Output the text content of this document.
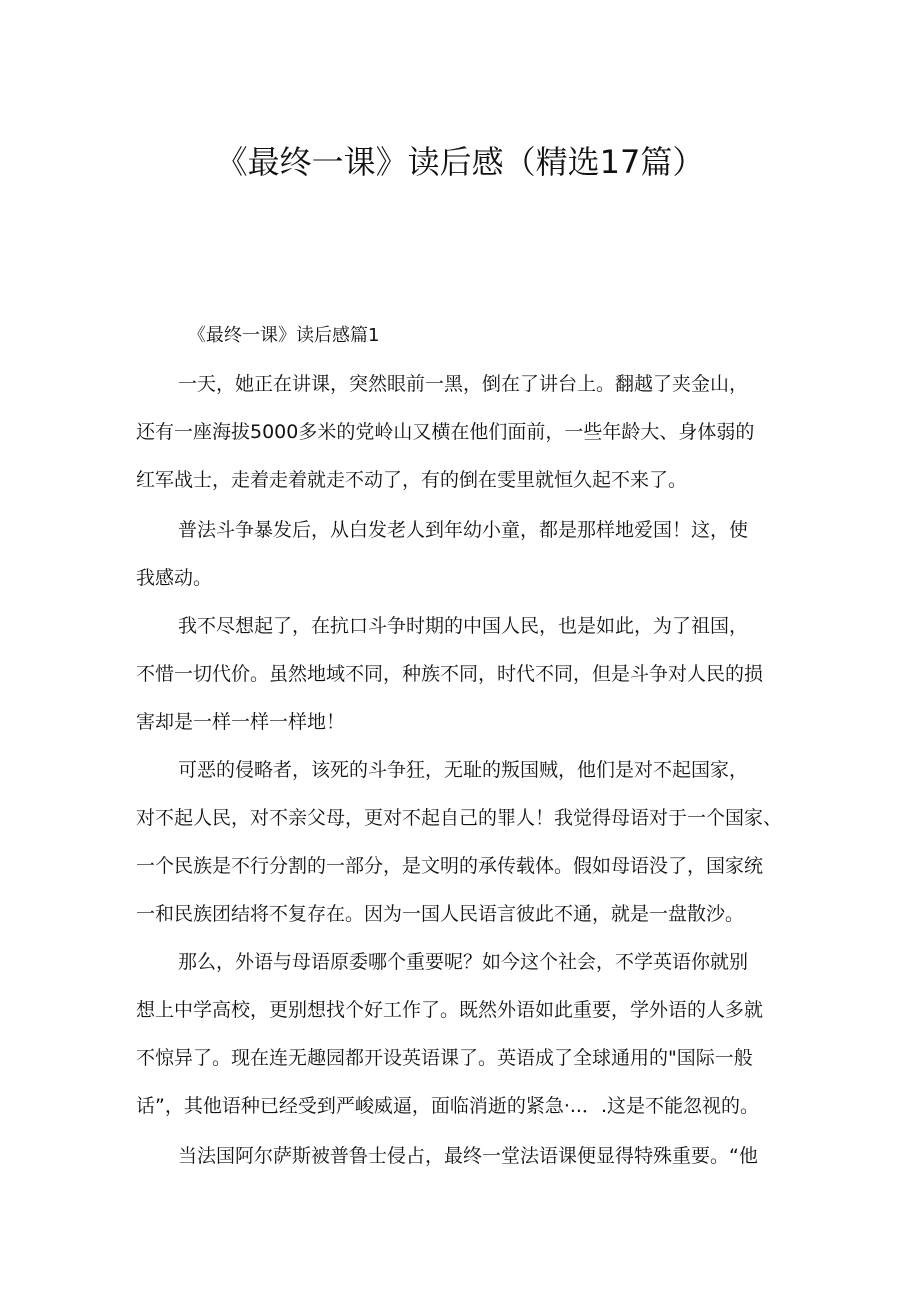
《最终一课》读后感（精选17篇）
《最终一课》读后感篇1
一天，她正在讲课，突然眼前一黑，倒在了讲台上。翻越了夹金山，
还有一座海拔5000多米的党岭山又横在他们面前，一些年龄大、身体弱的
红军战士，走着走着就走不动了，有的倒在雯里就恒久起不来了。
普法斗争暴发后，从白发老人到年幼小童，都是那样地爱国！这，使
我感动。
我不尽想起了，在抗口斗争时期的中国人民，也是如此，为了祖国，
不惜一切代价。虽然地域不同，种族不同，时代不同，但是斗争对人民的损
害却是一样一样一样地！
可恶的侵略者，该死的斗争狂，无耻的叛国贼，他们是对不起国家，
对不起人民，对不亲父母，更对不起自己的罪人！我觉得母语对于一个国家、
一个民族是不行分割的一部分，是文明的承传载体。假如母语没了，国家统
一和民族团结将不复存在。因为一国人民语言彼此不通，就是一盘散沙。
那么，外语与母语原委哪个重要呢？如今这个社会，不学英语你就别
想上中学高校，更别想找个好工作了。既然外语如此重要，学外语的人多就
不惊异了。现在连无趣园都开设英语课了。英语成了全球通用的"国际一般
话”，其他语种已经受到严峻威逼，面临消逝的紧急·..．.这是不能忽视的。
当法国阿尔萨斯被普鲁士侵占，最终一堂法语课便显得特殊重要。“他
